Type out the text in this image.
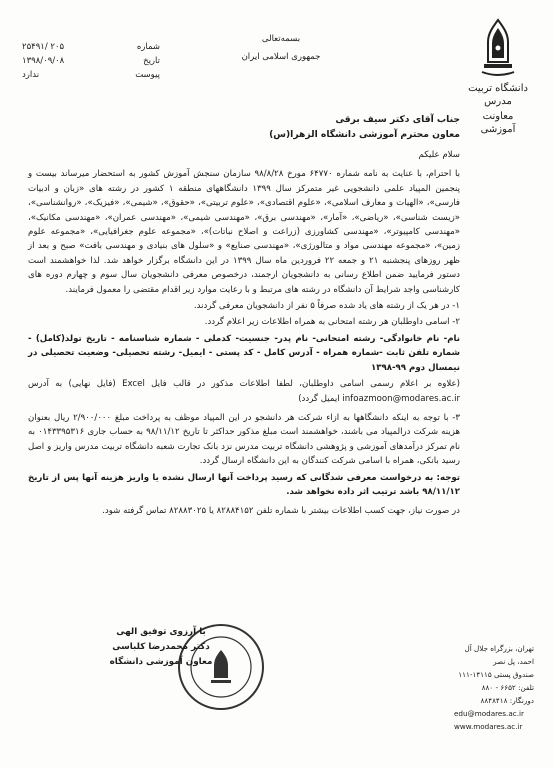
دانشگاه تربیت مدرس
معاونت آموزشی
بسمه‌تعالی
جمهوری اسلامی ایران
شماره
۲۵۴۹۱/ ۲۰۵
تاریخ
۱۳۹۸/۰۹/۰۸
پیوست
ندارد
جناب آقای دکتر سیف برقی
معاون محترم آموزشی دانشگاه الزهرا(س)
سلام علیکم
با احترام، با عنایت به نامه شماره ۶۴۷۷۰ مورخ ۹۸/۸/۲۸ سازمان سنجش آموزش کشور به استحضار میرساند بیست و پنجمین المپیاد علمی دانشجویی غیر متمرکز سال ۱۳۹۹ دانشگاههای منطقه ۱ کشور در رشته های «زبان و ادبیات فارسی»، «الهیات و معارف اسلامی»، «علوم اقتصادی»، «علوم تربیتی»، «حقوق»، «شیمی»، «فیزیک»، «روانشناسی»، «زیست شناسی»، «ریاضی»، «آمار»، «مهندسی برق»، «مهندسی شیمی»، «مهندسی عمران»، «مهندسی مکانیک»، «مهندسی کامپیوتر»، «مهندسی کشاورزی (زراعت و اصلاح نباتات)»، «مجموعه علوم جغرافیایی»، «مجموعه علوم زمین»، «مجموعه مهندسی مواد و متالورژی»، «مهندسی صنایع» و «سلول های بنیادی و مهندسی بافت» صبح و بعد از ظهر روزهای پنجشنبه ۲۱ و جمعه ۲۲ فروردین ماه سال ۱۳۹۹ در این دانشگاه برگزار خواهد شد. لذا خواهشمند است دستور فرمایید ضمن اطلاع رسانی به دانشجویان ارجمند، درخصوص معرفی دانشجویان سال سوم و چهارم دوره های کارشناسی واجد شرایط آن دانشگاه در رشته های مرتبط و با رعایت موارد زیر اقدام مقتضی را معمول فرمایند.
۱- در هر یک از رشته های یاد شده صرفاً ۵ نفر از دانشجویان معرفی گردند.
۲- اسامی داوطلبان هر رشته امتحانی به همراه اطلاعات زیر اعلام گردد.
نام- نام خانوادگی- رشته امتحانی- نام پدر- جنسیت- کدملی - شماره شناسنامه - تاریخ تولد(کامل) - شماره تلفن ثابت -شماره همراه - آدرس کامل - کد پستی - ایمیل- رشته تحصیلی- وضعیت تحصیلی در نیمسال دوم ۹۹-۱۳۹۸
(علاوه بر اعلام رسمی اسامی داوطلبان، لطفا اطلاعات مذکور در قالب فایل Excel (فایل نهایی) به آدرس infoazmoon@modares.ac.ir ایمیل گردد)
۳- با توجه به اینکه دانشگاهها به ازاء شرکت هر دانشجو در این المپیاد موظف به پرداخت مبلغ ۲/۹۰۰/۰۰۰ ریال بعنوان هزینه شرکت درالمپیاد می باشند، خواهشمند است مبلغ مذکور حداکثر تا تاریخ ۹۸/۱۱/۱۲ به حساب جاری ۰۱۴۳۳۹۵۳۱۶ به نام تمرکز درآمدهای آموزشی و پژوهشی دانشگاه تربیت مدرس نزد بانک تجارت شعبه دانشگاه تربیت مدرس واریز و اصل رسید بانکی، همراه با اسامی شرکت کنندگان به این دانشگاه ارسال گردد.
توجه: به درخواست معرفی شدگانی که رسید پرداخت آنها ارسال نشده یا واریز هزینه آنها پس از تاریخ ۹۸/۱۱/۱۲ باشد ترتیب اثر داده نخواهد شد.
در صورت نیاز، جهت کسب اطلاعات بیشتر با شماره تلفن ۸۲۸۸۴۱۵۲ یا ۸۲۸۸۳۰۲۵ تماس گرفته شود.
با آرزوی توفیق الهی
دکتر محمدرضا کلباسی
معاون آموزشی دانشگاه
تهران، بزرگراه جلال آل احمد، پل نصر
صندوق پستی ۱۴۱۱۵-۱۱۱
تلفن: ۶۶۵۲ - ۸۸۰
دورنگار: ۸۸۴۸۴۱۸
edu@modares.ac.ir
www.modares.ac.ir
